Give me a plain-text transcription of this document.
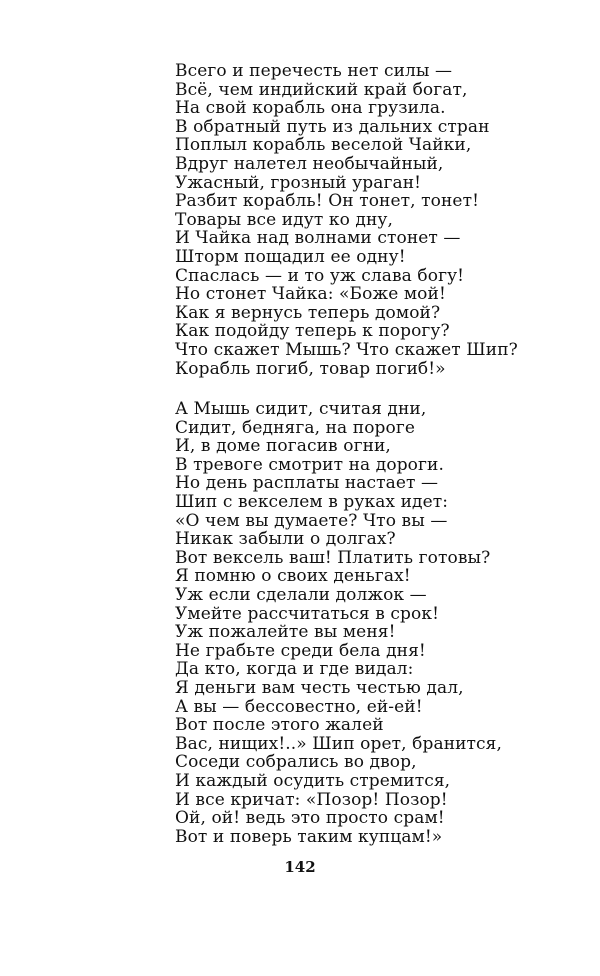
Всего и перечесть нет силы —
Всё, чем индийский край богат,
На свой корабль она грузила.
В обратный путь из дальних стран
Поплыл корабль веселой Чайки,
Вдруг налетел необычайный,
Ужасный, грозный ураган!
Разбит корабль! Он тонет, тонет!
Товары все идут ко дну,
И Чайка над волнами стонет —
Шторм пощадил ее одну!
Спаслась — и то уж слава богу!
Но стонет Чайка: «Боже мой!
Как я вернусь теперь домой?
Как подойду теперь к порогу?
Что скажет Мышь? Что скажет Шип?
Корабль погиб, товар погиб!»
А Мышь сидит, считая дни,
Сидит, бедняга, на пороге
И, в доме погасив огни,
В тревоге смотрит на дороги.
Но день расплаты настает —
Шип с векселем в руках идет:
«О чем вы думаете? Что вы —
Никак забыли о долгах?
Вот вексель ваш! Платить готовы?
Я помню о своих деньгах!
Уж если сделали должок —
Умейте рассчитаться в срок!
Уж пожалейте вы меня!
Не грабьте среди бела дня!
Да кто, когда и где видал:
Я деньги вам честь честью дал,
А вы — бессовестно, ей-ей!
Вот после этого жалей
Вас, нищих!..» Шип орет, бранится,
Соседи собрались во двор,
И каждый осудить стремится,
И все кричат: «Позор! Позор!
Ой, ой! ведь это просто срам!
Вот и поверь таким купцам!»
142
